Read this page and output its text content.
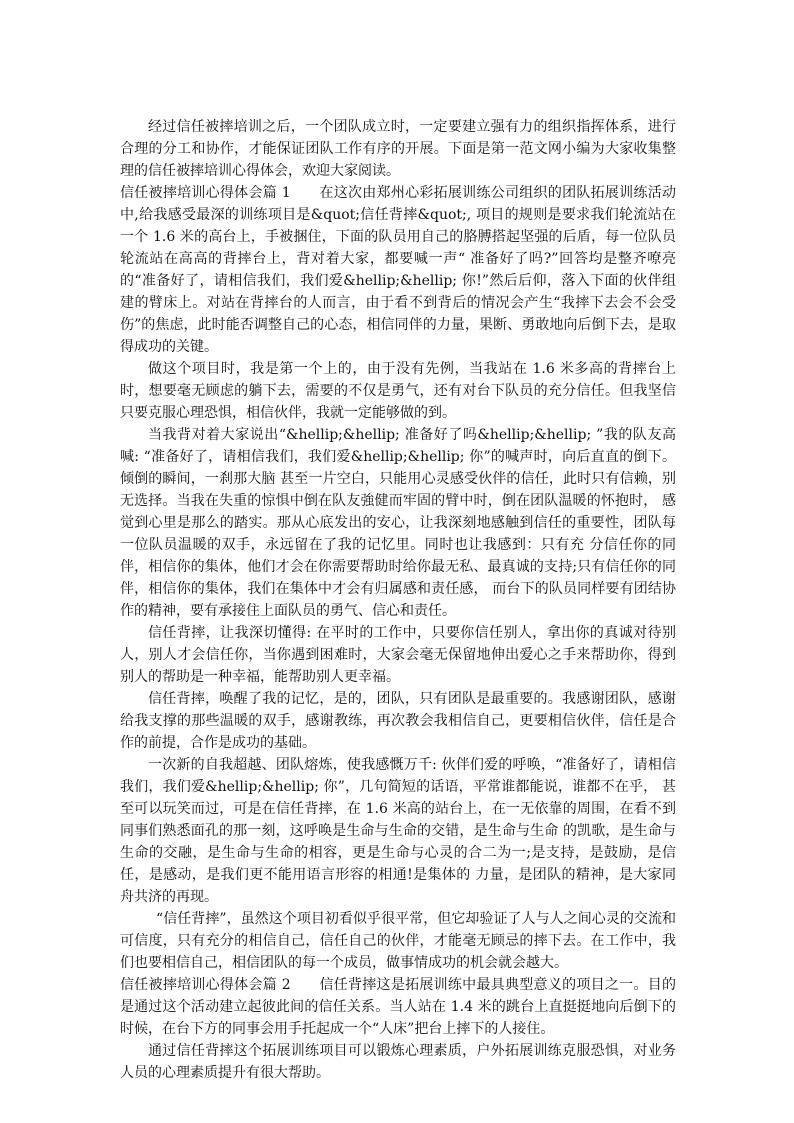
经过信任被摔培训之后，一个团队成立时，一定要建立强有力的组织指挥体系，进行合理的分工和协作，才能保证团队工作有序的开展。下面是第一范文网小编为大家收集整理的信任被摔培训心得体会，欢迎大家阅读。

信任被摔培训心得体会篇 1　　在这次由郑州心彩拓展训练公司组织的团队拓展训练活动中,给我感受最深的训练项目是&quot;信任背摔&quot;, 项目的规则是要求我们轮流站在一个 1.6 米的高台上，手被捆住，下面的队员用自己的胳膊搭起坚强的后盾，每一位队员轮流站在高高的背摔台上，背对着大家，都要喊一声“ 准备好了吗?”回答均是整齐嘹亮的“准备好了，请相信我们，我们爱&hellip;&hellip; 你!”然后后仰，落入下面的伙伴组建的臂床上。对站在背摔台的人而言，由于看不到背后的情况会产生“我摔下去会不会受伤”的焦虑，此时能否调整自己的心态，相信同伴的力量，果断、勇敢地向后倒下去，是取得成功的关键。

做这个项目时，我是第一个上的，由于没有先例，当我站在 1.6 米多高的背摔台上时，想要毫无顾虑的躺下去，需要的不仅是勇气，还有对台下队员的充分信任。但我坚信只要克服心理恐惧，相信伙伴，我就一定能够做的到。

当我背对着大家说出“&hellip;&hellip; 准备好了吗&hellip;&hellip; ”我的队友高喊: “准备好了，请相信我们，我们爱&hellip;&hellip; 你”的喊声时，向后直直的倒下。倾倒的瞬间，一刹那大脑 甚至一片空白，只能用心灵感受伙伴的信任，此时只有信赖，别无选择。当我在失重的惊惧中倒在队友強健而牢固的臂中时，倒在团队温暖的怀抱时， 感觉到心里是那么的踏实。那从心底发出的安心，让我深刻地感触到信任的重要性，团队每一位队员温暖的双手，永远留在了我的记忆里。同时也让我感到：只有充 分信任你的同伴，相信你的集体，他们才会在你需要帮助时给你最无私、最真诚的支持;只有信任你的同伴，相信你的集体，我们在集体中才会有归属感和责任感， 而台下的队员同样要有团结协作的精神，要有承接住上面队员的勇气、信心和责任。

信任背摔，让我深切懂得: 在平时的工作中，只要你信任别人，拿出你的真诚对待别人，别人才会信任你，当你遇到困难时，大家会毫无保留地伸出爱心之手来帮助你，得到别人的帮助是一种幸福，能帮助别人更幸福。

信任背摔，唤醒了我的记忆，是的，团队，只有团队是最重要的。我感谢团队，感谢给我支撑的那些温暖的双手，感谢教练，再次教会我相信自己，更要相信伙伴，信任是合作的前提，合作是成功的基础。

一次新的自我超越、团队熔炼，使我感慨万千: 伙伴们爱的呼唤，“准备好了，请相信我们，我们爱&hellip;&hellip; 你”，几句简短的话语，平常谁都能说，谁都不在乎， 甚至可以玩笑而过，可是在信任背摔，在 1.6 米高的站台上，在一无依靠的周围，在看不到同事们熟悉面孔的那一刻，这呼唤是生命与生命的交错，是生命与生命 的凯歌，是生命与生命的交融，是生命与生命的相容，更是生命与心灵的合二为一;是支持，是鼓励，是信任，是感动，是我们更不能用语言形容的相通!是集体的 力量，是团队的精神，是大家同舟共济的再现。

“信任背摔”，虽然这个项目初看似乎很平常，但它却验证了人与人之间心灵的交流和可信度，只有充分的相信自己，信任自己的伙伴，才能毫无顾忌的摔下去。在工作中，我们也要相信自己，相信团队的每一个成员，做事情成功的机会就会越大。

信任被摔培训心得体会篇 2　　信任背摔这是拓展训练中最具典型意义的项目之一。目的是通过这个活动建立起彼此间的信任关系。当人站在 1.4 米的跳台上直挺挺地向后倒下的时候，在台下方的同事会用手托起成一个“人床”把台上摔下的人接住。

通过信任背摔这个拓展训练项目可以锻炼心理素质，户外拓展训练克服恐惧，对业务人员的心理素质提升有很大帮助。
